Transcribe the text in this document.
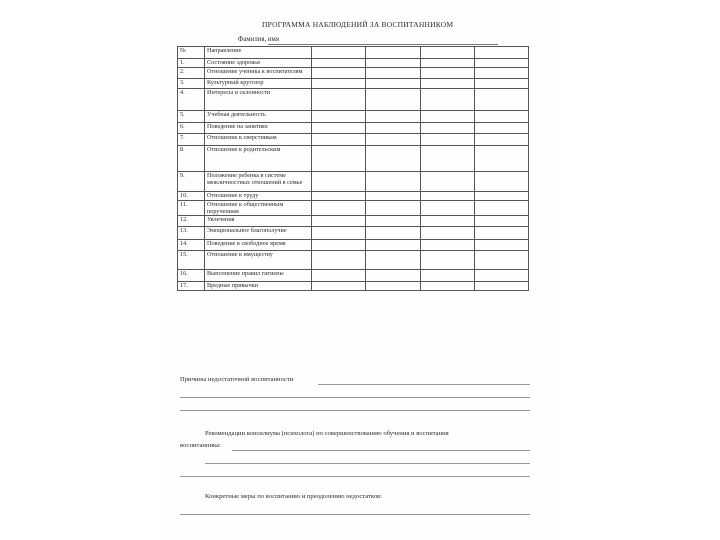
ПРОГРАММА НАБЛЮДЕНИЙ ЗА ВОСПИТАННИКОМ
Фамилия, имя
№	Направление				
1.	Состояние здоровья				
2.	Отношение ученика к воспитателям				
3.	Культурный кругозор				
4.	Интересы и склонности				
5.	Учебная деятельность				
6.	Поведение на занятиях				
7.	Отношение к сверстникам				
8.	Отношение к родительским				
9.	Положение ребенка в системе межличностных отношений в семье				
10.	Отношение к труду				
11.	Отношение к общественным поручениям				
12.	Увлечения				
13.	Эмоциональное благополучие				
14.	Поведение в свободное время				
15.	Отношение к имуществу				
16.	Выполнение правил гигиены				
17.	Вредные привычки				
Причины недостаточной воспитанности
Рекомендации консилиума (психолога) по совершенствованию обучения и воспитания
воспитанника:
Конкретные меры по воспитанию и преодолению недостатков:
